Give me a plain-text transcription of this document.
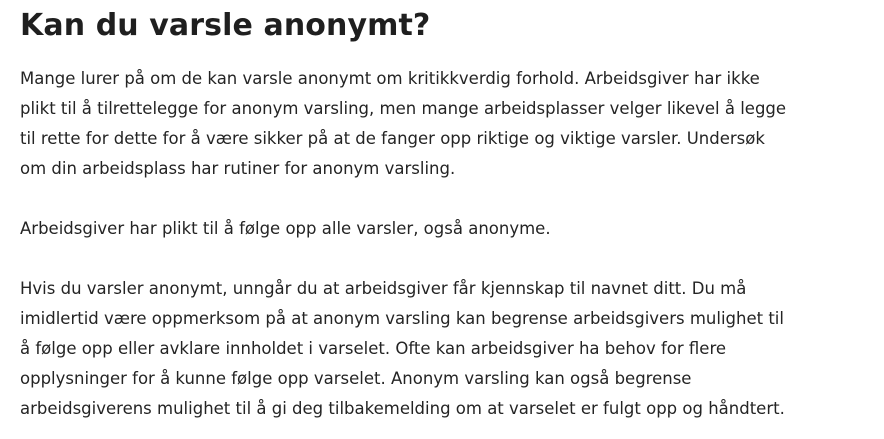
Kan du varsle anonymt?

Mange lurer på om de kan varsle anonymt om kritikkverdig forhold. Arbeidsgiver har ikke
plikt til å tilrettelegge for anonym varsling, men mange arbeidsplasser velger likevel å legge
til rette for dette for å være sikker på at de fanger opp riktige og viktige varsler. Undersøk
om din arbeidsplass har rutiner for anonym varsling.

Arbeidsgiver har plikt til å følge opp alle varsler, også anonyme.

Hvis du varsler anonymt, unngår du at arbeidsgiver får kjennskap til navnet ditt. Du må
imidlertid være oppmerksom på at anonym varsling kan begrense arbeidsgivers mulighet til
å følge opp eller avklare innholdet i varselet. Ofte kan arbeidsgiver ha behov for flere
opplysninger for å kunne følge opp varselet. Anonym varsling kan også begrense
arbeidsgiverens mulighet til å gi deg tilbakemelding om at varselet er fulgt opp og håndtert.
